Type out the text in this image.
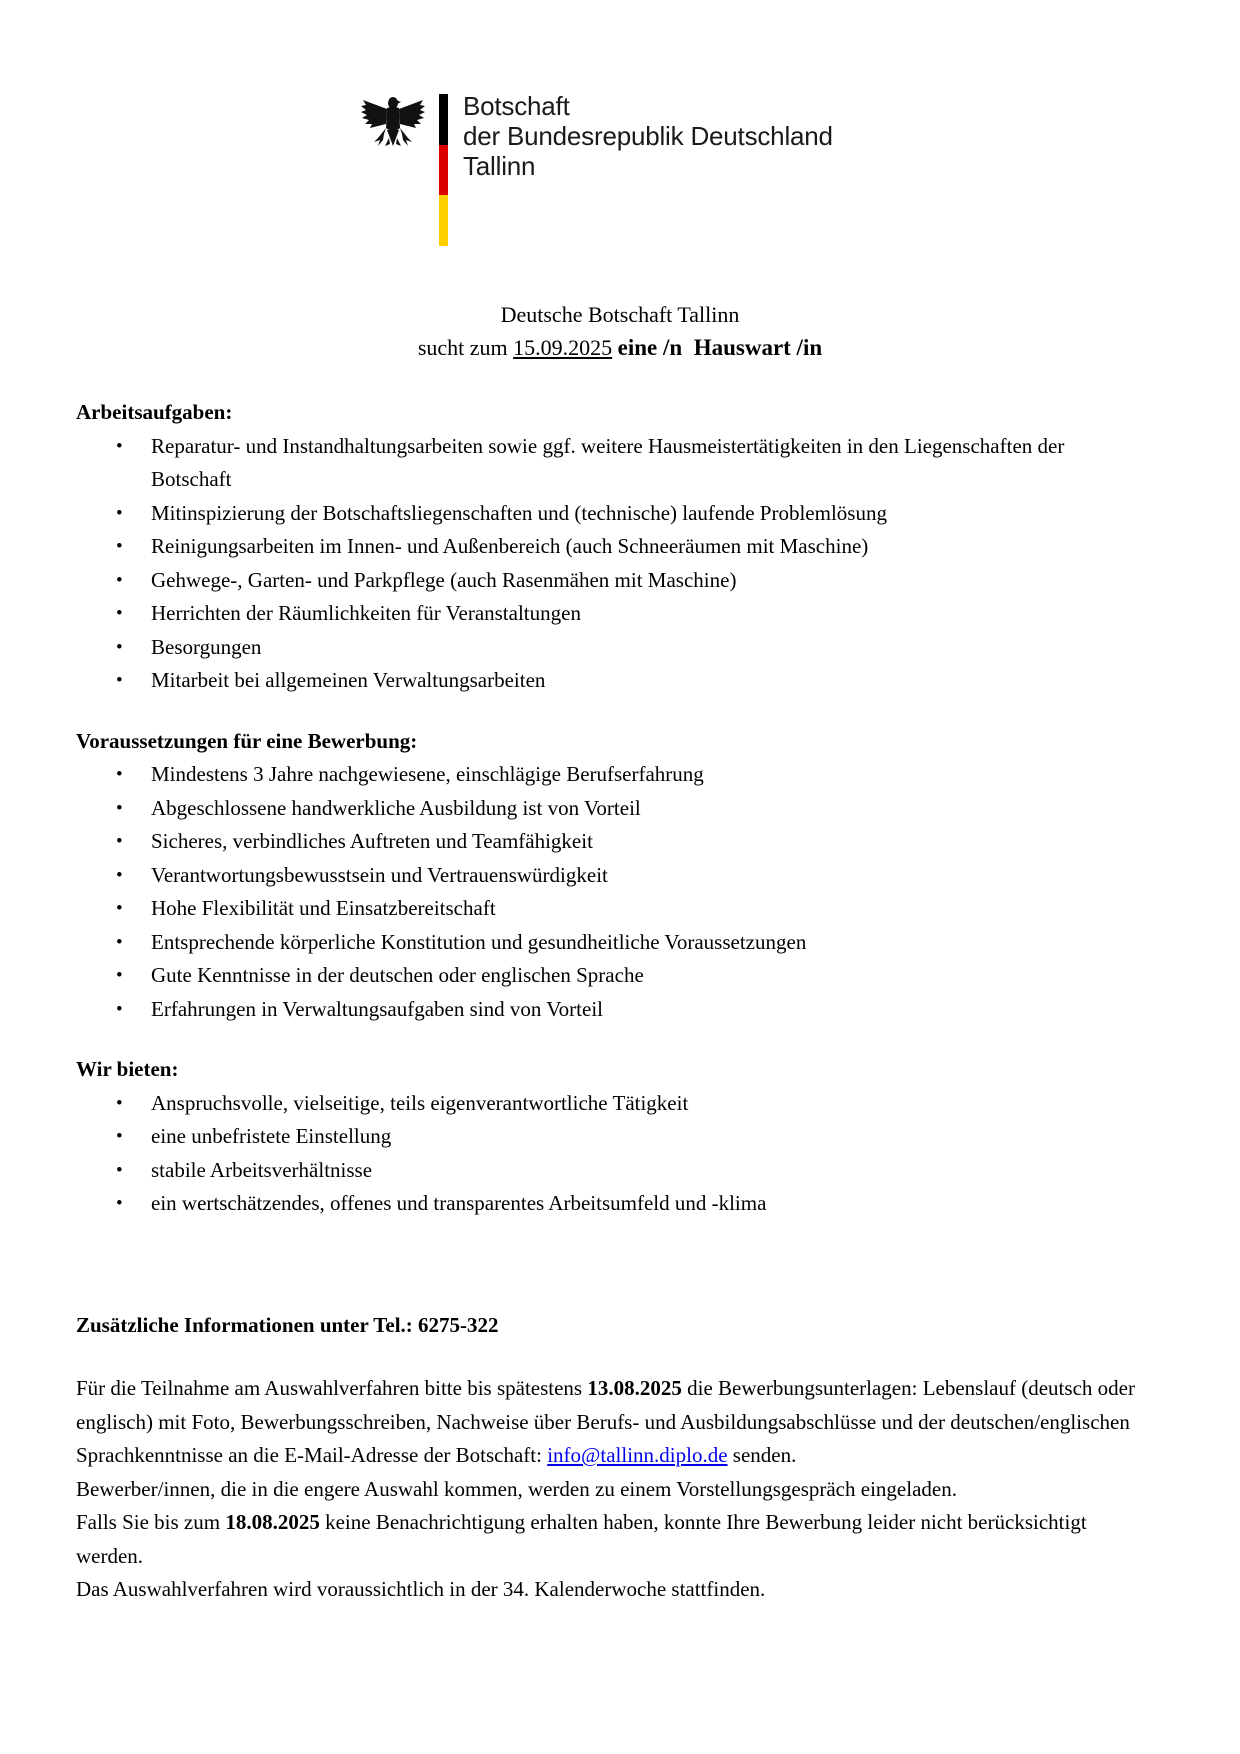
Botschaft
der Bundesrepublik Deutschland
Tallinn
Deutsche Botschaft Tallinn
sucht zum 15.09.2025 eine /n  Hauswart /in

Arbeitsaufgaben:

• Reparatur- und Instandhaltungsarbeiten sowie ggf. weitere Hausmeistertätigkeiten in den Liegenschaften der Botschaft
• Mitinspizierung der Botschaftsliegenschaften und (technische) laufende Problemlösung
• Reinigungsarbeiten im Innen- und Außenbereich (auch Schneeräumen mit Maschine)
• Gehwege-, Garten- und Parkpflege (auch Rasenmähen mit Maschine)
• Herrichten der Räumlichkeiten für Veranstaltungen
• Besorgungen
• Mitarbeit bei allgemeinen Verwaltungsarbeiten

Voraussetzungen für eine Bewerbung:

• Mindestens 3 Jahre nachgewiesene, einschlägige Berufserfahrung
• Abgeschlossene handwerkliche Ausbildung ist von Vorteil
• Sicheres, verbindliches Auftreten und Teamfähigkeit
• Verantwortungsbewusstsein und Vertrauenswürdigkeit
• Hohe Flexibilität und Einsatzbereitschaft
• Entsprechende körperliche Konstitution und gesundheitliche Voraussetzungen
• Gute Kenntnisse in der deutschen oder englischen Sprache
• Erfahrungen in Verwaltungsaufgaben sind von Vorteil

Wir bieten:

• Anspruchsvolle, vielseitige, teils eigenverantwortliche Tätigkeit
• eine unbefristete Einstellung
• stabile Arbeitsverhältnisse
• ein wertschätzendes, offenes und transparentes Arbeitsumfeld und -klima

Zusätzliche Informationen unter Tel.: 6275-322

Für die Teilnahme am Auswahlverfahren bitte bis spätestens 13.08.2025 die Bewerbungsunterlagen: Lebenslauf (deutsch oder englisch) mit Foto, Bewerbungsschreiben, Nachweise über Berufs- und Ausbildungsabschlüsse und der deutschen/englischen Sprachkenntnisse an die E-Mail-Adresse der Botschaft: info@tallinn.diplo.de senden.

Bewerber/innen, die in die engere Auswahl kommen, werden zu einem Vorstellungsgespräch eingeladen.

Falls Sie bis zum 18.08.2025 keine Benachrichtigung erhalten haben, konnte Ihre Bewerbung leider nicht berücksichtigt werden.

Das Auswahlverfahren wird voraussichtlich in der 34. Kalenderwoche stattfinden.
